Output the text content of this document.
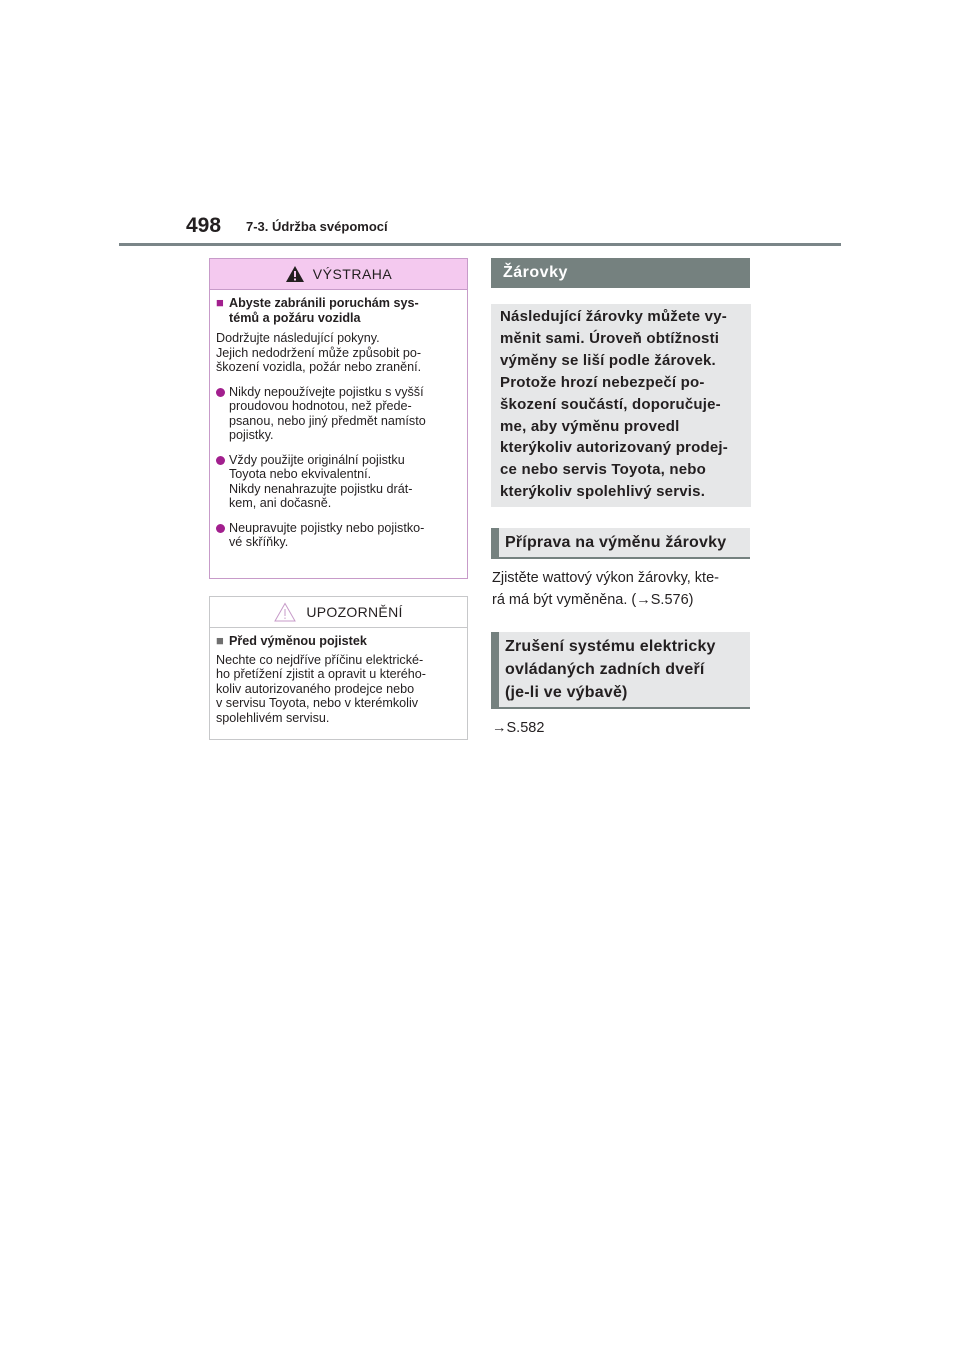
498 7-3. Údržba svépomocí
VÝSTRAHA
■ Abyste zabránili poruchám sys-
témů a požáru vozidla
Dodržujte následující pokyny.
Jejich nedodržení může způsobit po-
škození vozidla, požár nebo zranění.
Nikdy nepoužívejte pojistku s vyšší
proudovou hodnotou, než přede-
psanou, nebo jiný předmět namísto
pojistky.
Vždy použijte originální pojistku
Toyota nebo ekvivalentní.
Nikdy nenahrazujte pojistku drát-
kem, ani dočasně.
Neupravujte pojistky nebo pojistko-
vé skříňky.
UPOZORNĚNÍ
■ Před výměnou pojistek
Nechte co nejdříve příčinu elektrické-
ho přetížení zjistit a opravit u kterého-
koliv autorizovaného prodejce nebo
v servisu Toyota, nebo v kterémkoliv
spolehlivém servisu.
Žárovky
Následující žárovky můžete vy-
měnit sami. Úroveň obtížnosti
výměny se liší podle žárovek.
Protože hrozí nebezpečí po-
škození součástí, doporučuje-
me, aby výměnu provedl
kterýkoliv autorizovaný prodej-
ce nebo servis Toyota, nebo
kterýkoliv spolehlivý servis.
Příprava na výměnu žárovky
Zjistěte wattový výkon žárovky, kte-
rá má být vyměněna. (→S.576)
Zrušení systému elektricky
ovládaných zadních dveří
(je-li ve výbavě)
→S.582
